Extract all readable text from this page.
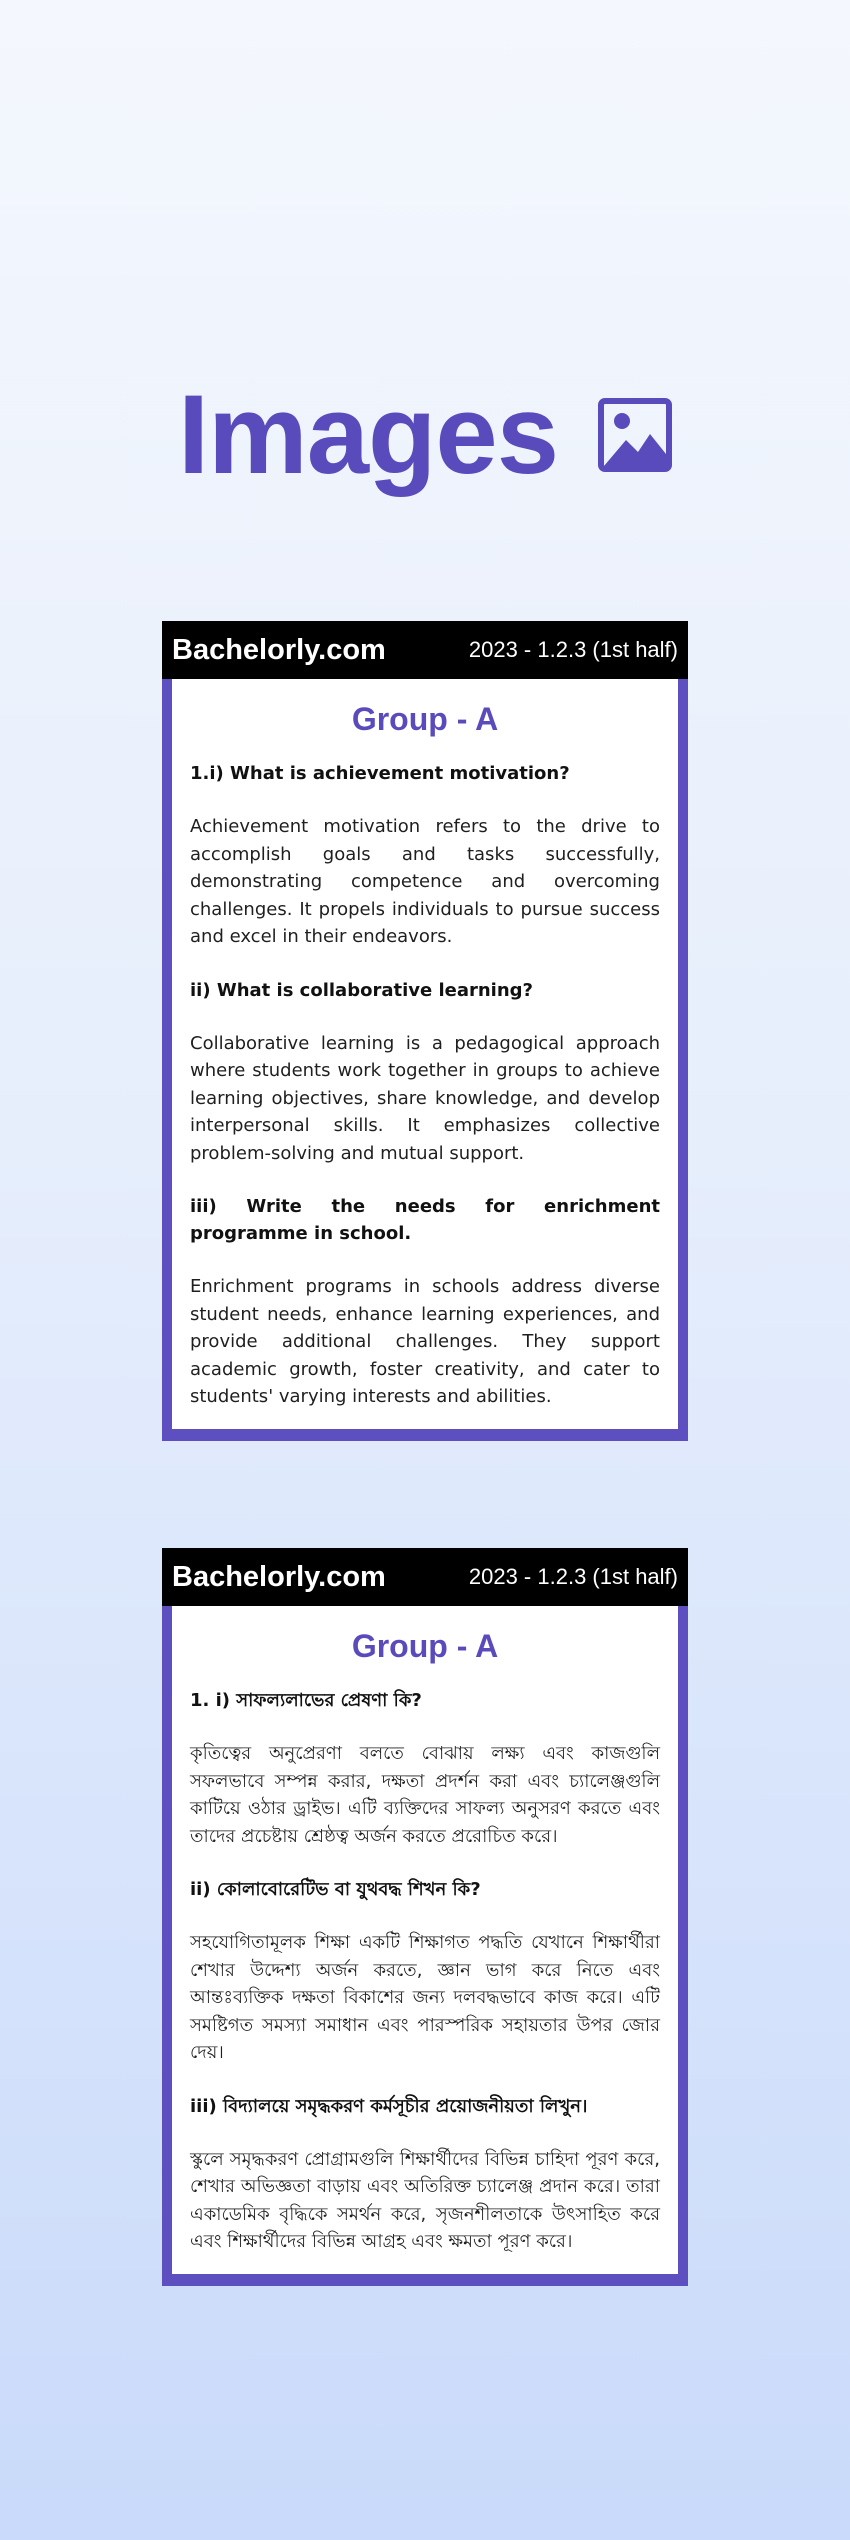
Images
Bachelorly.com	2023 - 1.2.3 (1st half)
Group - A
1.i) What is achievement motivation?
Achievement motivation refers to the drive to accomplish goals and tasks successfully, demonstrating competence and overcoming challenges. It propels individuals to pursue success and excel in their endeavors.
ii) What is collaborative learning?
Collaborative learning is a pedagogical approach where students work together in groups to achieve learning objectives, share knowledge, and develop interpersonal skills. It emphasizes collective problem-solving and mutual support.
iii) Write the needs for enrichment programme in school.
Enrichment programs in schools address diverse student needs, enhance learning experiences, and provide additional challenges. They support academic growth, foster creativity, and cater to students' varying interests and abilities.
Bachelorly.com	2023 - 1.2.3 (1st half)
Group - A
1. i) সাফল্যলাভের প্রেষণা কি?
কৃতিত্বের অনুপ্রেরণা বলতে বোঝায় লক্ষ্য এবং কাজগুলি সফলভাবে সম্পন্ন করার, দক্ষতা প্রদর্শন করা এবং চ্যালেঞ্জগুলি কাটিয়ে ওঠার ড্রাইভ। এটি ব্যক্তিদের সাফল্য অনুসরণ করতে এবং তাদের প্রচেষ্টায় শ্রেষ্ঠত্ব অর্জন করতে প্ররোচিত করে।
ii) কোলাবোরেটিভ বা যুথবদ্ধ শিখন কি?
সহযোগিতামূলক শিক্ষা একটি শিক্ষাগত পদ্ধতি যেখানে শিক্ষার্থীরা শেখার উদ্দেশ্য অর্জন করতে, জ্ঞান ভাগ করে নিতে এবং আন্তঃব্যক্তিক দক্ষতা বিকাশের জন্য দলবদ্ধভাবে কাজ করে। এটি সমষ্টিগত সমস্যা সমাধান এবং পারস্পরিক সহায়তার উপর জোর দেয়।
iii) বিদ্যালয়ে সমৃদ্ধকরণ কর্মসূচীর প্রয়োজনীয়তা লিখুন।
স্কুলে সমৃদ্ধকরণ প্রোগ্রামগুলি শিক্ষার্থীদের বিভিন্ন চাহিদা পূরণ করে, শেখার অভিজ্ঞতা বাড়ায় এবং অতিরিক্ত চ্যালেঞ্জ প্রদান করে। তারা একাডেমিক বৃদ্ধিকে সমর্থন করে, সৃজনশীলতাকে উৎসাহিত করে এবং শিক্ষার্থীদের বিভিন্ন আগ্রহ এবং ক্ষমতা পূরণ করে।
